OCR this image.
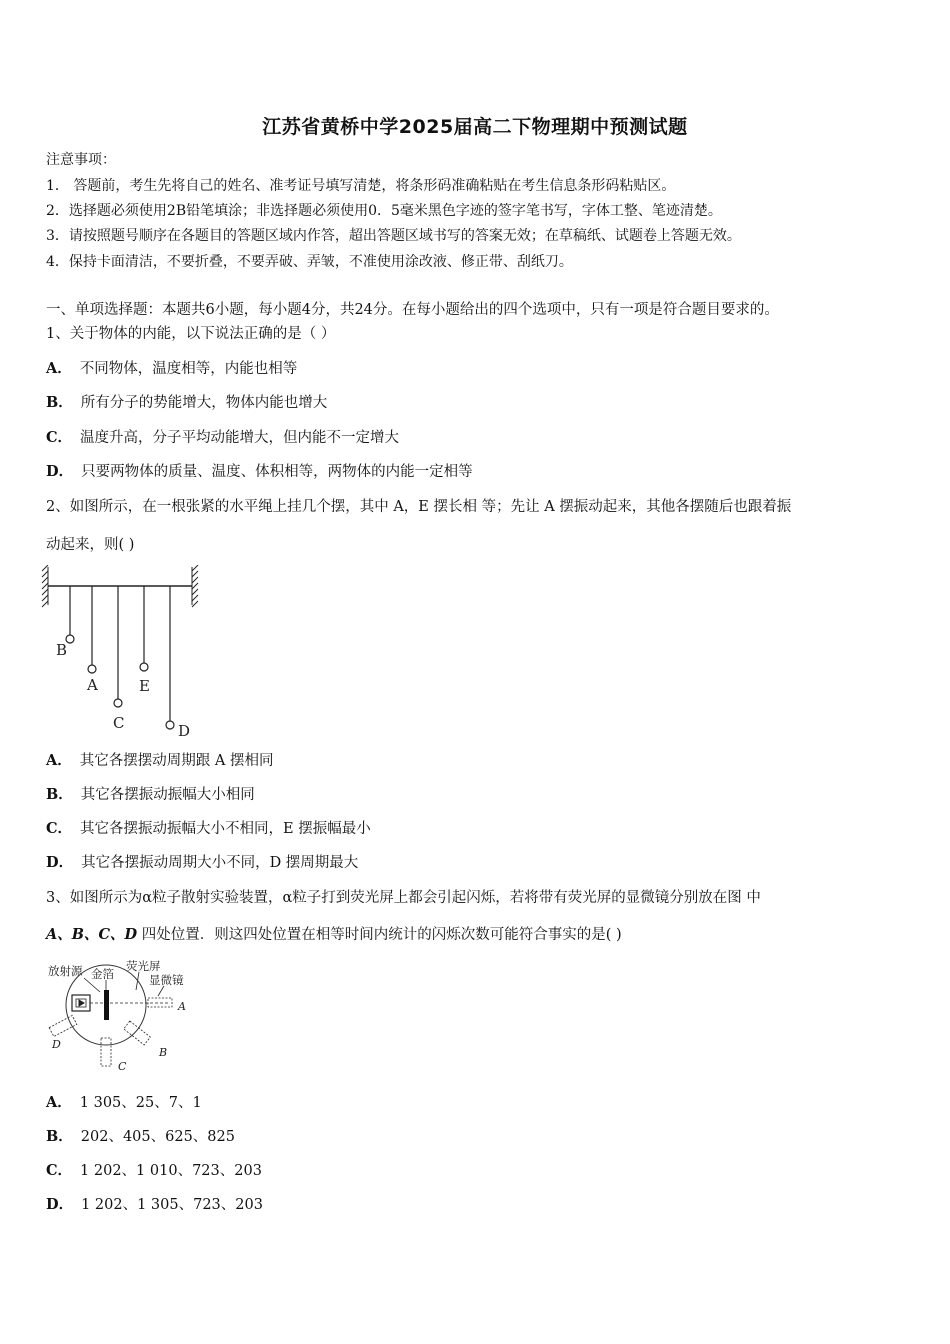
江苏省黄桥中学2025届高二下物理期中预测试题
注意事项：
1． 答题前，考生先将自己的姓名、准考证号填写清楚，将条形码准确粘贴在考生信息条形码粘贴区。
2．选择题必须使用2B铅笔填涂；非选择题必须使用0．5毫米黑色字迹的签字笔书写，字体工整、笔迹清楚。
3．请按照题号顺序在各题目的答题区域内作答，超出答题区域书写的答案无效；在草稿纸、试题卷上答题无效。
4．保持卡面清洁，不要折叠，不要弄破、弄皱，不准使用涂改液、修正带、刮纸刀。
一、单项选择题：本题共6小题，每小题4分，共24分。在每小题给出的四个选项中，只有一项是符合题目要求的。
1、关于物体的内能，以下说法正确的是（ ）
A． 不同物体，温度相等，内能也相等
B． 所有分子的势能增大，物体内能也增大
C． 温度升高，分子平均动能增大，但内能不一定增大
D． 只要两物体的质量、温度、体积相等，两物体的内能一定相等
2、如图所示，在一根张紧的水平绳上挂几个摆，其中 A，E 摆长相 等；先让 A 摆振动起来，其他各摆随后也跟着振
动起来，则( )
B
A
C
E
D
A． 其它各摆摆动周期跟 A 摆相同
B． 其它各摆振动振幅大小相同
C． 其它各摆振动振幅大小不相同，E 摆振幅最小
D． 其它各摆振动周期大小不同，D 摆周期最大
3、如图所示为α粒子散射实验装置，α粒子打到荧光屏上都会引起闪烁，若将带有荧光屏的显微镜分别放在图 中
A、B、C、D 四处位置．则这四处位置在相等时间内统计的闪烁次数可能符合事实的是( )
放射源 金箔
荧光屏
显微镜
A
B
C
D
A． 1 305、25、7、1
B． 202、405、625、825
C． 1 202、1 010、723、203
D． 1 202、1 305、723、203
